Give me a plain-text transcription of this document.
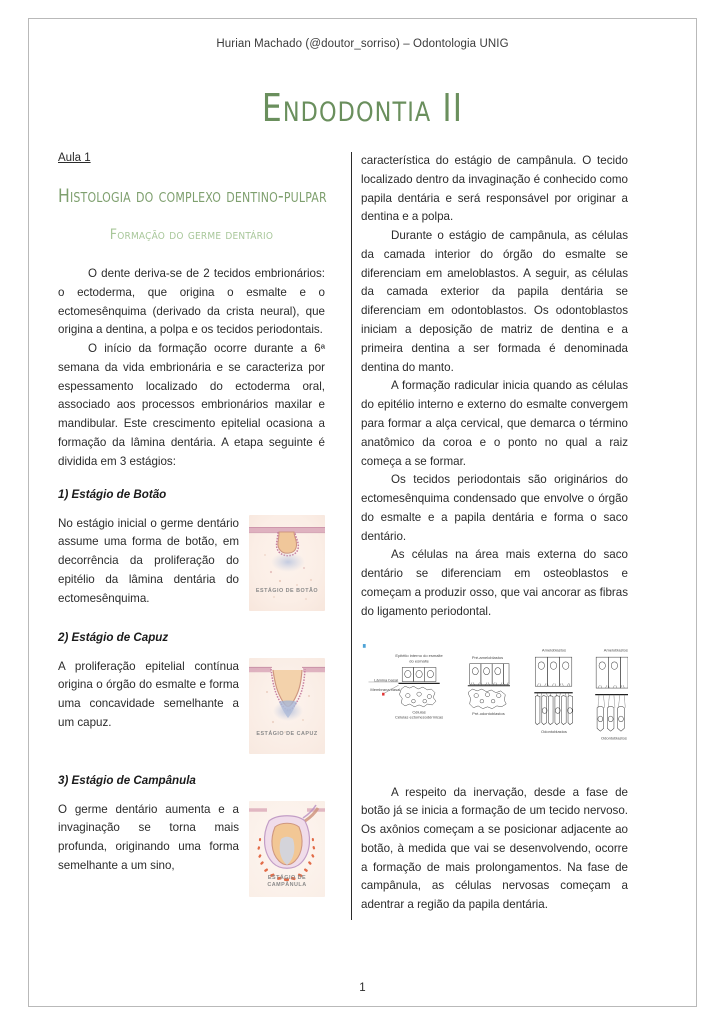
Hurian Machado (@doutor_sorriso) – Odontologia UNIG
Endodontia II
Aula 1
Histologia do complexo dentino-pulpar
Formação do germe dentário

O dente deriva-se de 2 tecidos embrionários: o ectoderma, que origina o esmalte e o ectomesênquima (derivado da crista neural), que origina a dentina, a polpa e os tecidos periodontais.

O início da formação ocorre durante a 6ª semana da vida embrionária e se caracteriza por espessamento localizado do ectoderma oral, associado aos processos embrionários maxilar e mandibular. Este crescimento epitelial ocasiona a formação da lâmina dentária. A etapa seguinte é dividida em 3 estágios:

1) Estágio de Botão
ESTÁGIO DE BOTÃO

No estágio inicial o germe dentário assume uma forma de botão, em decorrência da proliferação do epitélio da lâmina dentária do ectomesênquima.

2) Estágio de Capuz
ESTÁGIO DE CAPUZ

A proliferação epitelial contínua origina o órgão do esmalte e forma uma concavidade semelhante a um capuz.

3) Estágio de Campânula
ESTÁGIO DE CAMPÂNULA

O germe dentário aumenta e a invaginação se torna mais profunda, originando uma forma semelhante a um sino,

característica do estágio de campânula. O tecido localizado dentro da invaginação é conhecido como papila dentária e será responsável por originar a dentina e a polpa.

Durante o estágio de campânula, as células da camada interior do órgão do esmalte se diferenciam em ameloblastos. A seguir, as células da camada exterior da papila dentária se diferenciam em odontoblastos. Os odontoblastos iniciam a deposição de matriz de dentina e a primeira dentina a ser formada é denominada dentina do manto.

A formação radicular inicia quando as células do epitélio interno e externo do esmalte convergem para formar a alça cervical, que demarca o término anatômico da coroa e o ponto no qual a raiz começa a se formar.

Os tecidos periodontais são originários do ectomesênquima condensado que envolve o órgão do esmalte e a papila dentária e forma o saco dentário.

As células na área mais externa do saco dentário se diferenciam em osteoblastos e começam a produzir osso, que vai ancorar as fibras do ligamento periodontal.

Epitélio interno do esmalte
do esmalte
Lâmina basal
Membrana basal
Células
Células ectomesodérmicas
Pré-ameloblastos
Pré-odontoblastos
Ameloblastos
Odontoblastos
Ameloblastos
Odontoblastos

A respeito da inervação, desde a fase de botão já se inicia a formação de um tecido nervoso. Os axônios começam a se posicionar adjacente ao botão, à medida que vai se desenvolvendo, ocorre a formação de mais prolongamentos. Na fase de campânula, as células nervosas começam a adentrar a região da papila dentária.

1
